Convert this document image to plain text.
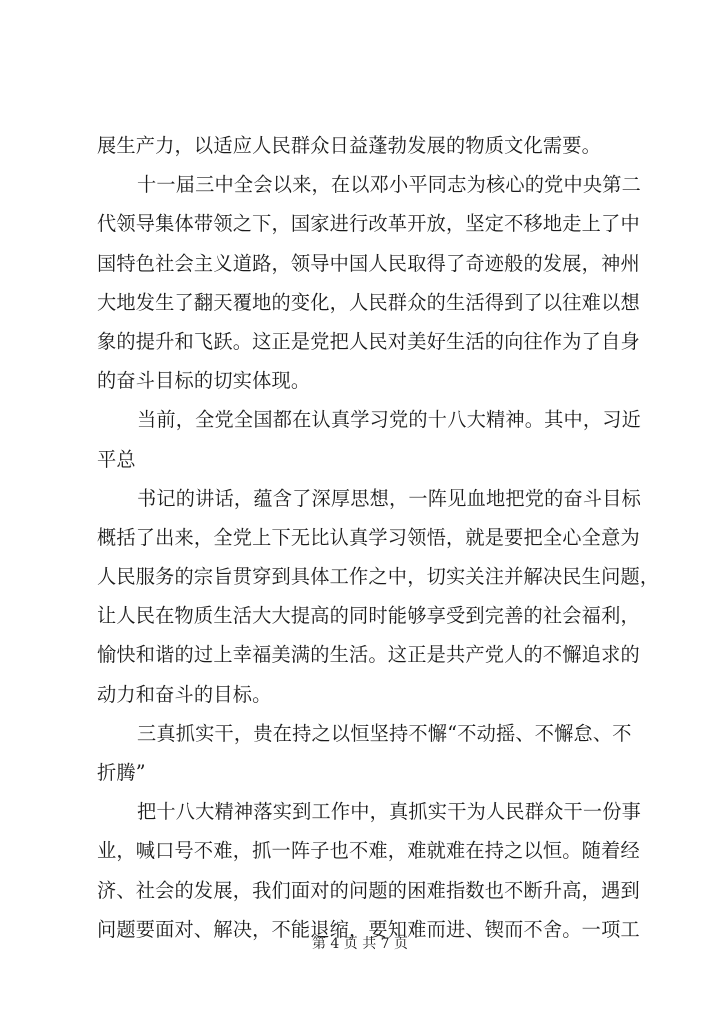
展生产力，以适应人民群众日益蓬勃发展的物质文化需要。
十一届三中全会以来，在以邓小平同志为核心的党中央第二
代领导集体带领之下，国家进行改革开放，坚定不移地走上了中
国特色社会主义道路，领导中国人民取得了奇迹般的发展，神州
大地发生了翻天覆地的变化，人民群众的生活得到了以往难以想
象的提升和飞跃。这正是党把人民对美好生活的向往作为了自身
的奋斗目标的切实体现。
当前，全党全国都在认真学习党的十八大精神。其中，习近
平总
书记的讲话，蕴含了深厚思想，一阵见血地把党的奋斗目标
概括了出来，全党上下无比认真学习领悟，就是要把全心全意为
人民服务的宗旨贯穿到具体工作之中，切实关注并解决民生问题，
让人民在物质生活大大提高的同时能够享受到完善的社会福利，
愉快和谐的过上幸福美满的生活。这正是共产党人的不懈追求的
动力和奋斗的目标。
三真抓实干，贵在持之以恒坚持不懈“不动摇、不懈怠、不
折腾”
把十八大精神落实到工作中，真抓实干为人民群众干一份事
业，喊口号不难，抓一阵子也不难，难就难在持之以恒。随着经
济、社会的发展，我们面对的问题的困难指数也不断升高，遇到
问题要面对、解决，不能退缩，要知难而进、锲而不舍。一项工
第 4 页 共 7 页
